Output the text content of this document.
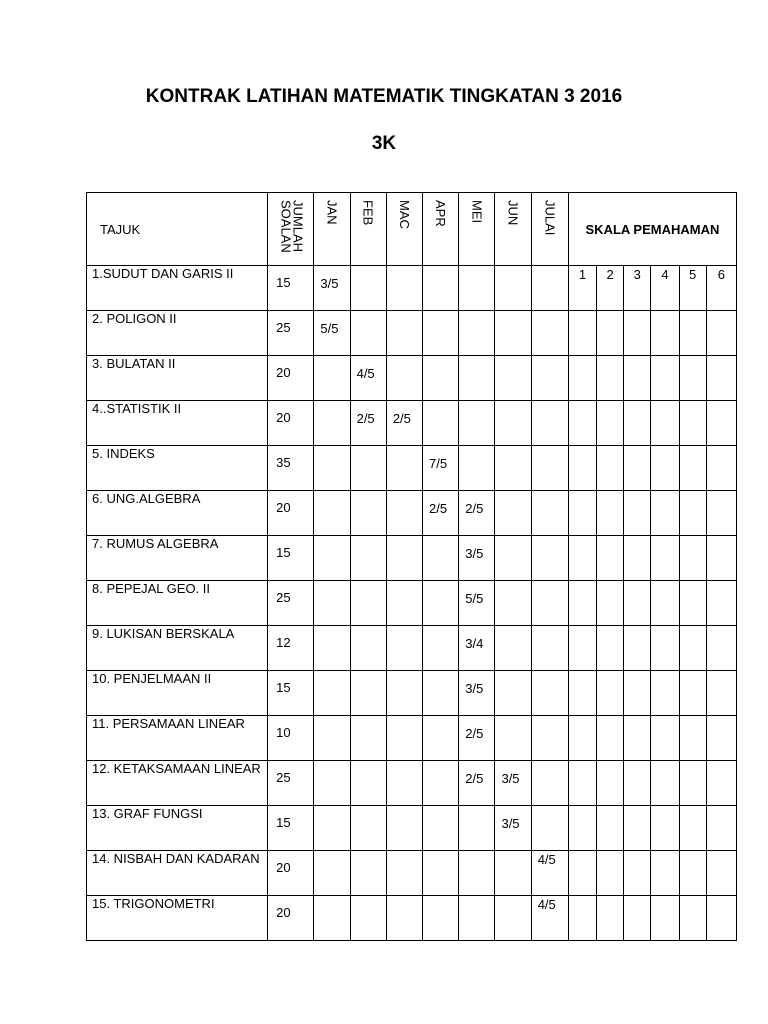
KONTRAK LATIHAN MATEMATIK TINGKATAN 3 2016
3K
TAJUK	JUMLAH SOALAN	JAN	FEB	MAC	APR	MEI	JUN	JULAI	SKALA PEMAHAMAN					
1.SUDUT DAN GARIS II	15	3/5							1	2	3	4	5	6
2. POLIGON II	25	5/5												
3. BULATAN II	20		4/5											
4..STATISTIK II	20		2/5	2/5										
5. INDEKS	35				7/5									
6. UNG.ALGEBRA	20				2/5	2/5								
7. RUMUS ALGEBRA	15					3/5								
8. PEPEJAL GEO. II	25					5/5								
9. LUKISAN BERSKALA	12					3/4								
10. PENJELMAAN II	15					3/5								
11. PERSAMAAN LINEAR	10					2/5								
12. KETAKSAMAAN LINEAR	25					2/5	3/5							
13. GRAF FUNGSI	15						3/5							
14. NISBAH DAN KADARAN	20							4/5						
15. TRIGONOMETRI	20							4/5						
